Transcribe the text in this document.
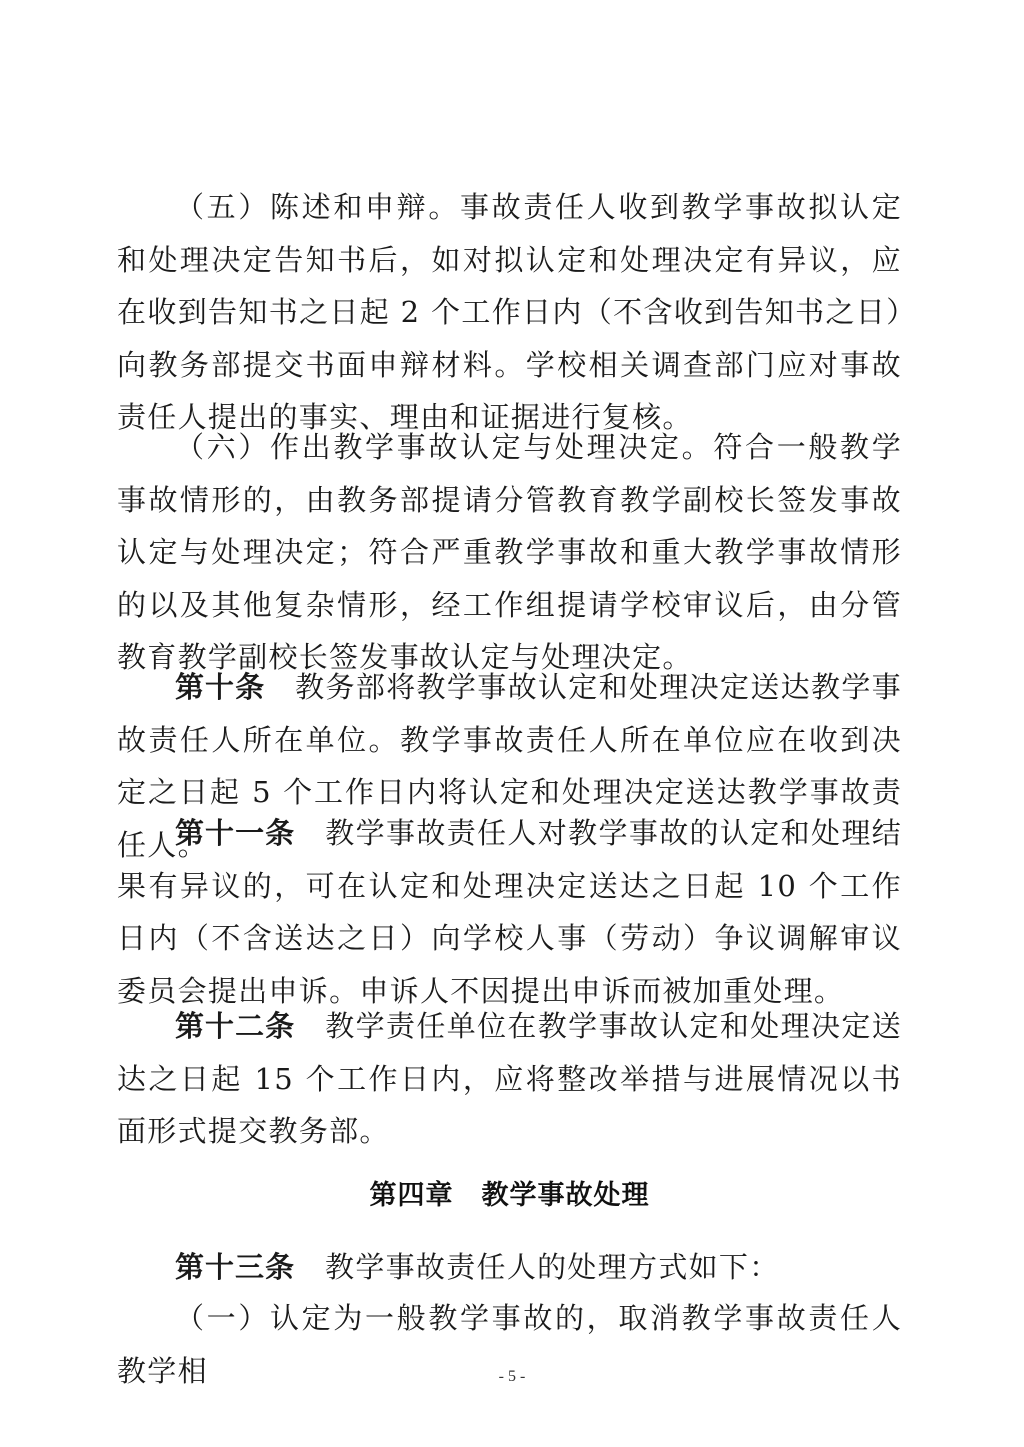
（五）陈述和申辩。事故责任人收到教学事故拟认定和处理决定告知书后，如对拟认定和处理决定有异议，应在收到告知书之日起 2 个工作日内（不含收到告知书之日）向教务部提交书面申辩材料。学校相关调查部门应对事故责任人提出的事实、理由和证据进行复核。

（六）作出教学事故认定与处理决定。符合一般教学事故情形的，由教务部提请分管教育教学副校长签发事故认定与处理决定；符合严重教学事故和重大教学事故情形的以及其他复杂情形，经工作组提请学校审议后，由分管教育教学副校长签发事故认定与处理决定。

第十条 教务部将教学事故认定和处理决定送达教学事故责任人所在单位。教学事故责任人所在单位应在收到决定之日起 5 个工作日内将认定和处理决定送达教学事故责任人。

第十一条 教学事故责任人对教学事故的认定和处理结果有异议的，可在认定和处理决定送达之日起 10 个工作日内（不含送达之日）向学校人事（劳动）争议调解审议委员会提出申诉。申诉人不因提出申诉而被加重处理。

第十二条 教学责任单位在教学事故认定和处理决定送达之日起 15 个工作日内，应将整改举措与进展情况以书面形式提交教务部。

第四章　教学事故处理

第十三条 教学事故责任人的处理方式如下：

（一）认定为一般教学事故的，取消教学事故责任人教学相	- 5 -
